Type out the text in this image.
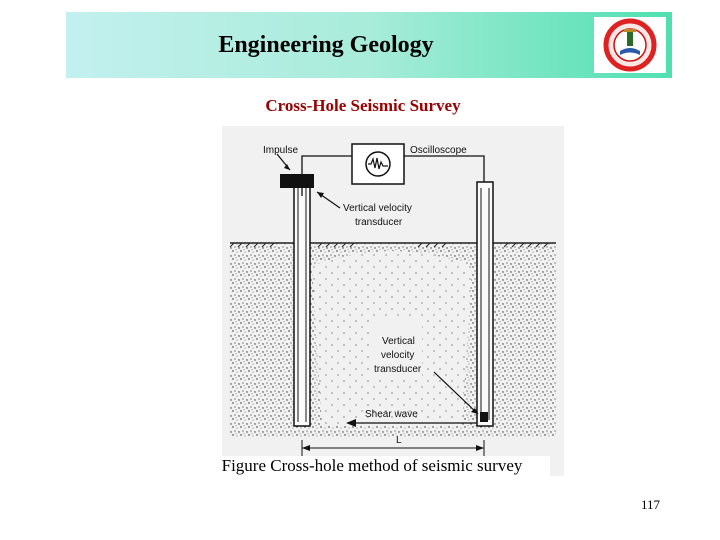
Engineering Geology
Cross-Hole Seismic Survey
Impulse	Oscilloscope
Vertical velocity
transducer
Vertical
velocity
transducer
Shear wave
L
Figure Cross-hole method of seismic survey
117
